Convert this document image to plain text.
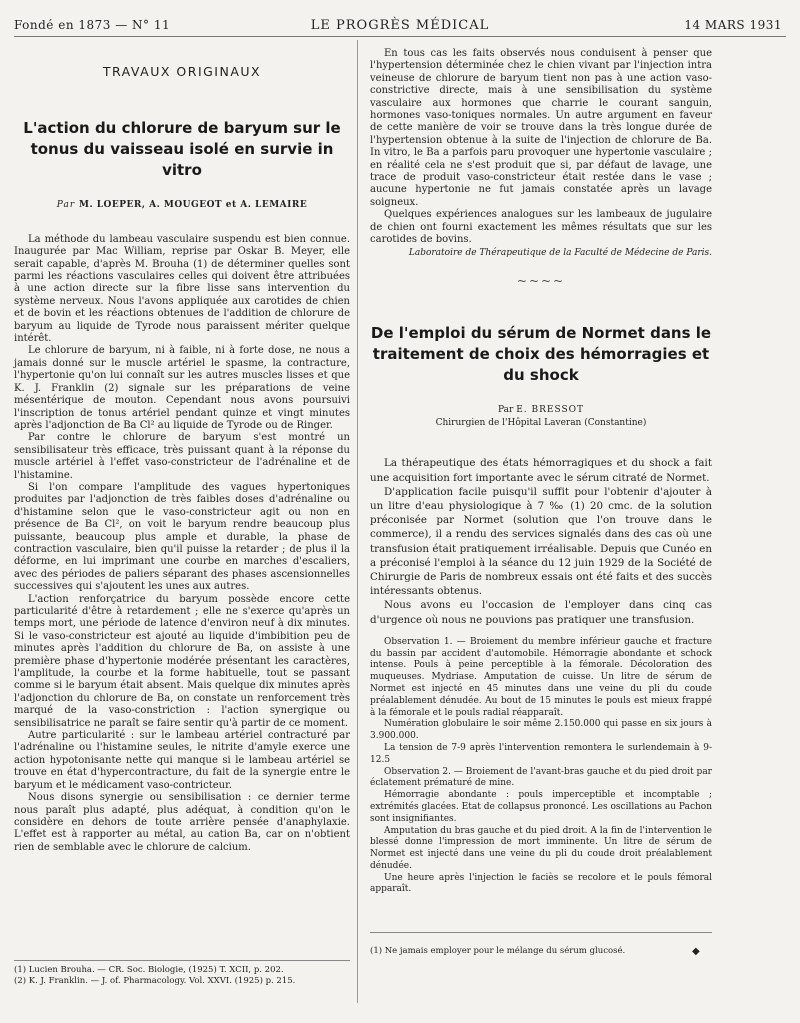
Fondé en 1873 — N° 11	LE PROGRÈS MÉDICAL	14 MARS 1931
TRAVAUX ORIGINAUX
L'action du chlorure de baryum sur le tonus du vaisseau isolé en survie in vitro
Par M. LOEPER, A. MOUGEOT et A. LEMAIRE

La méthode du lambeau vasculaire suspendu est bien connue. Inaugurée par Mac William, reprise par Oskar B. Meyer, elle serait capable, d'après M. Brouha (1) de déterminer quelles sont parmi les réactions vasculaires celles qui doivent être attribuées à une action directe sur la fibre lisse sans intervention du système nerveux. Nous l'avons appliquée aux carotides de chien et de bovin et les réactions obtenues de l'addition de chlorure de baryum au liquide de Tyrode nous paraissent mériter quelque intérêt.

Le chlorure de baryum, ni à faible, ni à forte dose, ne nous a jamais donné sur le muscle artériel le spasme, la contracture, l'hypertonie qu'on lui connaît sur les autres muscles lisses et que K. J. Franklin (2) signale sur les préparations de veine mésentérique de mouton. Cependant nous avons poursuivi l'inscription de tonus artériel pendant quinze et vingt minutes après l'adjonction de Ba Cl² au liquide de Tyrode ou de Ringer.

Par contre le chlorure de baryum s'est montré un sensibilisateur très efficace, très puissant quant à la réponse du muscle artériel à l'effet vaso-constricteur de l'adrénaline et de l'histamine.

Si l'on compare l'amplitude des vagues hypertoniques produites par l'adjonction de très faibles doses d'adrénaline ou d'histamine selon que le vaso-constricteur agit ou non en présence de Ba Cl², on voit le baryum rendre beaucoup plus puissante, beaucoup plus ample et durable, la phase de contraction vasculaire, bien qu'il puisse la retarder ; de plus il la déforme, en lui imprimant une courbe en marches d'escaliers, avec des périodes de paliers séparant des phases ascensionnelles successives qui s'ajoutent les unes aux autres.

L'action renforçatrice du baryum possède encore cette particularité d'être à retardement ; elle ne s'exerce qu'après un temps mort, une période de latence d'environ neuf à dix minutes. Si le vaso-constricteur est ajouté au liquide d'imbibition peu de minutes après l'addition du chlorure de Ba, on assiste à une première phase d'hypertonie modérée présentant les caractères, l'amplitude, la courbe et la forme habituelle, tout se passant comme si le baryum était absent. Mais quelque dix minutes après l'adjonction du chlorure de Ba, on constate un renforcement très marqué de la vaso-constriction : l'action synergique ou sensibilisatrice ne paraît se faire sentir qu'à partir de ce moment.

Autre particularité : sur le lambeau artériel contracturé par l'adrénaline ou l'histamine seules, le nitrite d'amyle exerce une action hypotonisante nette qui manque si le lambeau artériel se trouve en état d'hypercontracture, du fait de la synergie entre le baryum et le médicament vaso-contricteur.

Nous disons synergie ou sensibilisation : ce dernier terme nous paraît plus adapté, plus adéquat, à condition qu'on le considère en dehors de toute arrière pensée d'anaphylaxie. L'effet est à rapporter au métal, au cation Ba, car on n'obtient rien de semblable avec le chlorure de calcium.

(1) Lucien Brouha. — CR. Soc. Biologie, (1925) T. XCII, p. 202.

(2) K. J. Franklin. — J. of. Pharmacology. Vol. XXVI. (1925) p. 215.

En tous cas les faits observés nous conduisent à penser que l'hypertension déterminée chez le chien vivant par l'injection intra veineuse de chlorure de baryum tient non pas à une action vaso-constrictive directe, mais à une sensibilisation du système vasculaire aux hormones que charrie le courant sanguin, hormones vaso-toniques normales. Un autre argument en faveur de cette manière de voir se trouve dans la très longue durée de l'hypertension obtenue à la suite de l'injection de chlorure de Ba. In vitro, le Ba a parfois paru provoquer une hypertonie vasculaire ; en réalité cela ne s'est produit que si, par défaut de lavage, une trace de produit vaso-constricteur était restée dans le vase ; aucune hypertonie ne fut jamais constatée après un lavage soigneux.

Quelques expériences analogues sur les lambeaux de jugulaire de chien ont fourni exactement les mêmes résultats que sur les carotides de bovins.

Laboratoire de Thérapeutique de la Faculté de Médecine de Paris.

~~~~
De l'emploi du sérum de Normet dans le traitement de choix des hémorragies et du shock
Par E. BRESSOT
Chirurgien de l'Hôpital Laveran (Constantine)

La thérapeutique des états hémorragiques et du shock a fait une acquisition fort importante avec le sérum citraté de Normet.

D'application facile puisqu'il suffit pour l'obtenir d'ajouter à un litre d'eau physiologique à 7 ‰ (1) 20 cmc. de la solution préconisée par Normet (solution que l'on trouve dans le commerce), il a rendu des services signalés dans des cas où une transfusion était pratiquement irréalisable. Depuis que Cunéo en a préconisé l'emploi à la séance du 12 juin 1929 de la Société de Chirurgie de Paris de nombreux essais ont été faits et des succès intéressants obtenus.

Nous avons eu l'occasion de l'employer dans cinq cas d'urgence où nous ne pouvions pas pratiquer une transfusion.

Observation 1. — Broiement du membre inférieur gauche et fracture du bassin par accident d'automobile. Hémorragie abondante et schock intense. Pouls à peine perceptible à la fémorale. Décoloration des muqueuses. Mydriase. Amputation de cuisse. Un litre de sérum de Normet est injecté en 45 minutes dans une veine du pli du coude préalablement dénudée. Au bout de 15 minutes le pouls est mieux frappé à la fémorale et le pouls radial réapparaît.

Numération globulaire le soir même 2.150.000 qui passe en six jours à 3.900.000.

La tension de 7-9 après l'intervention remontera le surlendemain à 9-12.5

Observation 2. — Broiement de l'avant-bras gauche et du pied droit par éclatement prématuré de mine.

Hémorragie abondante : pouls imperceptible et incomptable ; extrémités glacées. Etat de collapsus prononcé. Les oscillations au Pachon sont insignifiantes.

Amputation du bras gauche et du pied droit. A la fin de l'intervention le blessé donne l'impression de mort imminente. Un litre de sérum de Normet est injecté dans une veine du pli du coude droit préalablement dénudée.

Une heure après l'injection le faciès se recolore et le pouls fémoral apparaît.

(1) Ne jamais employer pour le mélange du sérum glucosé.	◆
